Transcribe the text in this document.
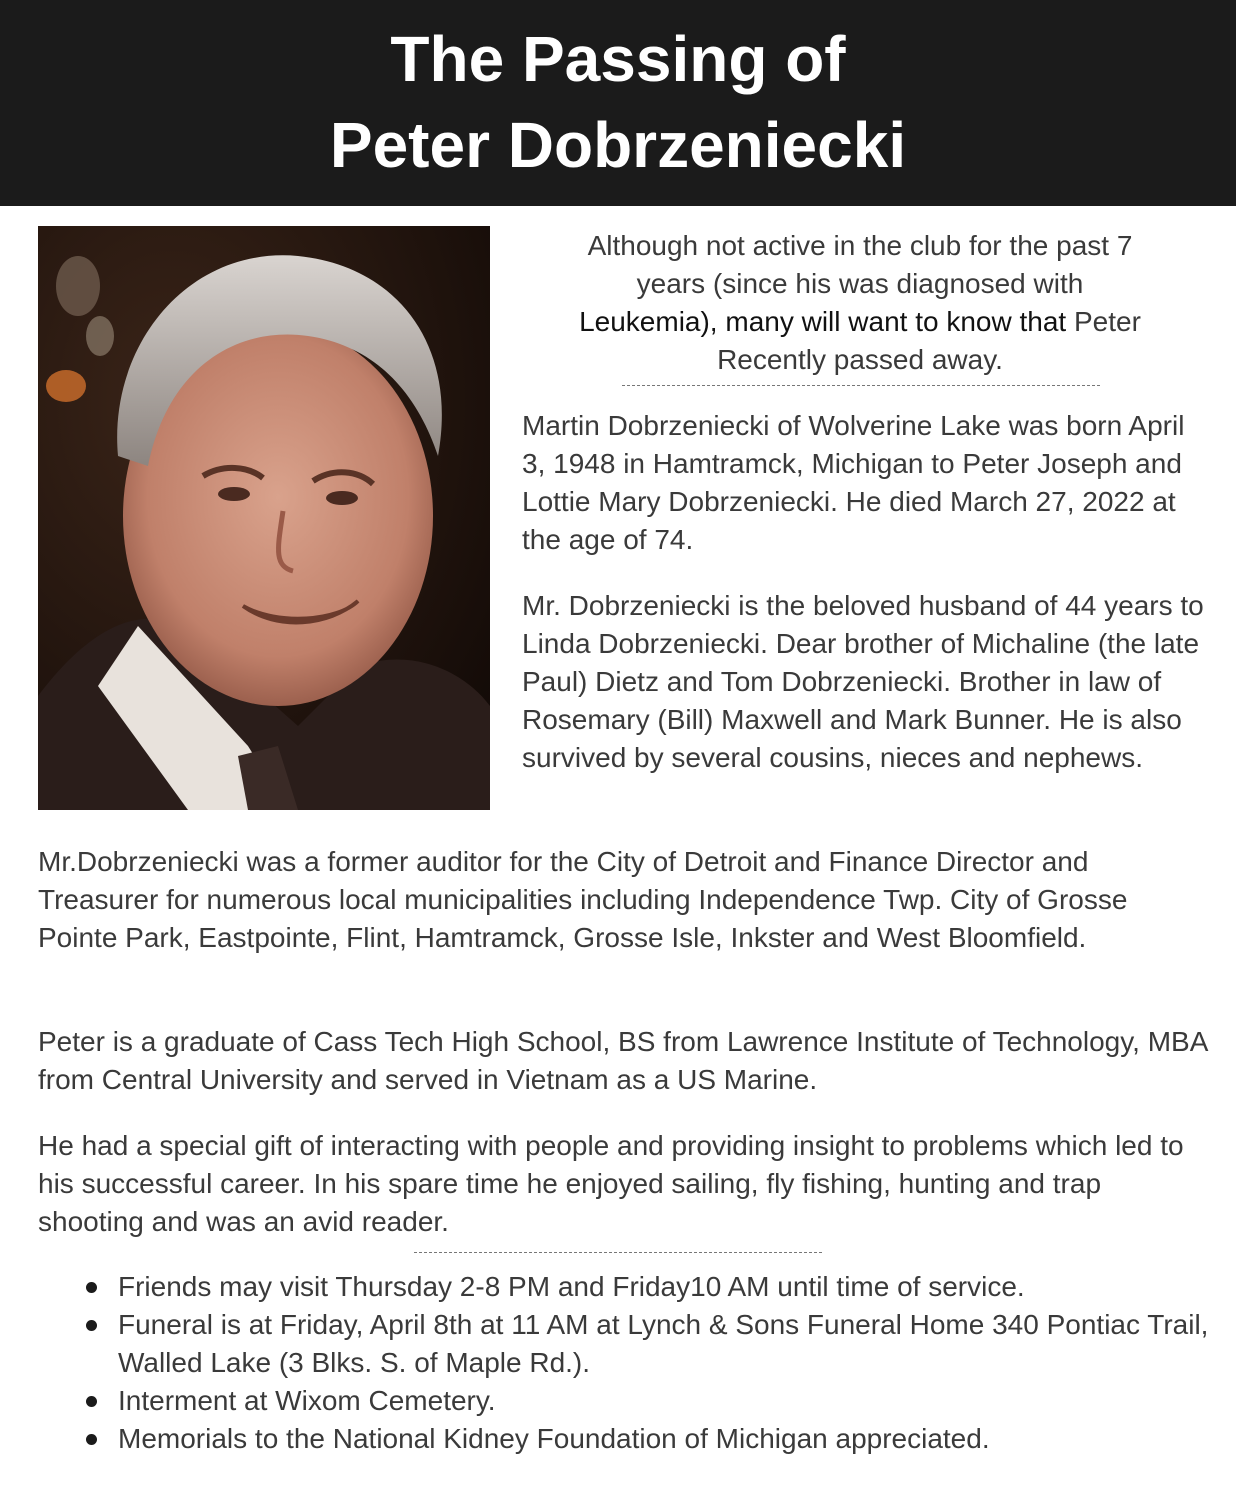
The Passing of
Peter Dobrzeniecki
Although not active in the club for the past 7
years (since his was diagnosed with
Leukemia), many will want to know that Peter
Recently passed away.

Martin Dobrzeniecki of Wolverine Lake was born April 3, 1948 in Hamtramck, Michigan to Peter Joseph and Lottie Mary Dobrzeniecki. He died March 27, 2022 at the age of 74.

Mr. Dobrzeniecki is the beloved husband of 44 years to Linda Dobrzeniecki. Dear brother of Michaline (the late Paul) Dietz and Tom Dobrzeniecki. Brother in law of Rosemary (Bill) Maxwell and Mark Bunner. He is also survived by several cousins, nieces and nephews.

Mr.Dobrzeniecki was a former auditor for the City of Detroit and Finance Director and Treasurer for numerous local municipalities including Independence Twp. City of Grosse Pointe Park, Eastpointe, Flint, Hamtramck, Grosse Isle, Inkster and West Bloomfield.

Peter is a graduate of Cass Tech High School, BS from Lawrence Institute of Technology, MBA from Central University and served in Vietnam as a US Marine.

He had a special gift of interacting with people and providing insight to problems which led to his successful career. In his spare time he enjoyed sailing, fly fishing, hunting and trap shooting and was an avid reader.

Friends may visit Thursday 2-8 PM and Friday10 AM until time of service.
Funeral is at Friday, April 8th at 11 AM at Lynch & Sons Funeral Home 340 Pontiac Trail, Walled Lake (3 Blks. S. of Maple Rd.).
Interment at Wixom Cemetery.
Memorials to the National Kidney Foundation of Michigan appreciated.
